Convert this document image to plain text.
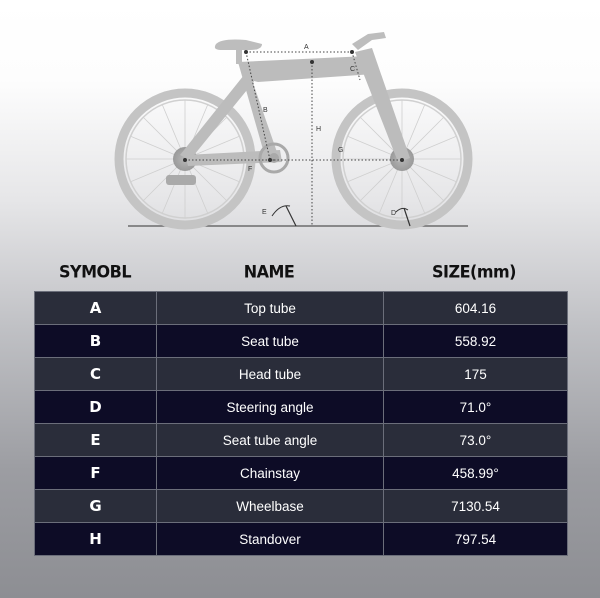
A
B
C
D
E
F
G
H
SYMOBL	NAME	SIZE(mm)
A	Top tube	604.16
B	Seat tube	558.92
C	Head tube	175
D	Steering angle	71.0°
E	Seat tube angle	73.0°
F	Chainstay	458.99°
G	Wheelbase	7130.54
H	Standover	797.54
